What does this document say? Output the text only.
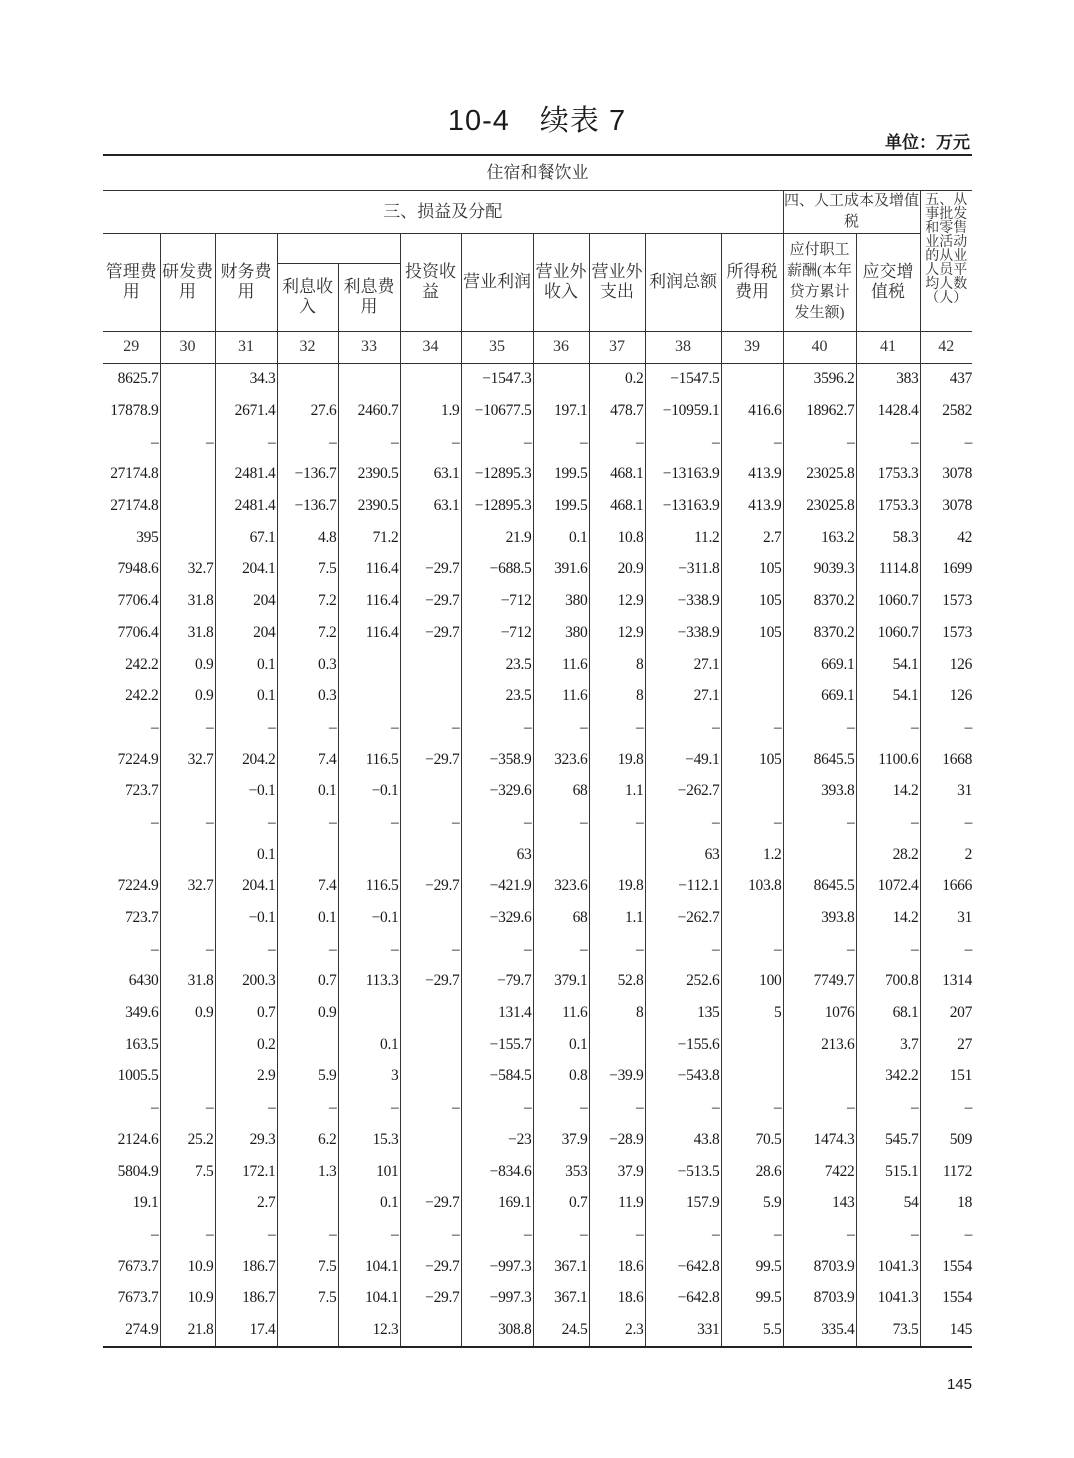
10-4　续表 7
单位：万元
住宿和餐饮业													
三、损益及分配											四、人工成本及增值税		五、从事批发和零售业活动的从业人员平均人数（人）
管理费用	研发费用	财务费用			投资收益	营业利润	营业外收入	营业外支出	利润总额	所得税费用	应付职工薪酬(本年贷方累计发生额)	应交增值税	
			利息收入	利息费用									
29	30	31	32	33	34	35	36	37	38	39	40	41	42
8625.7		34.3				−1547.3		0.2	−1547.5		3596.2	383	437
17878.9		2671.4	27.6	2460.7	1.9	−10677.5	197.1	478.7	−10959.1	416.6	18962.7	1428.4	2582
–	–	–	–	–	–	–	–	–	–	–	–	–	–
27174.8		2481.4	−136.7	2390.5	63.1	−12895.3	199.5	468.1	−13163.9	413.9	23025.8	1753.3	3078
27174.8		2481.4	−136.7	2390.5	63.1	−12895.3	199.5	468.1	−13163.9	413.9	23025.8	1753.3	3078
395		67.1	4.8	71.2		21.9	0.1	10.8	11.2	2.7	163.2	58.3	42
7948.6	32.7	204.1	7.5	116.4	−29.7	−688.5	391.6	20.9	−311.8	105	9039.3	1114.8	1699
7706.4	31.8	204	7.2	116.4	−29.7	−712	380	12.9	−338.9	105	8370.2	1060.7	1573
7706.4	31.8	204	7.2	116.4	−29.7	−712	380	12.9	−338.9	105	8370.2	1060.7	1573
242.2	0.9	0.1	0.3			23.5	11.6	8	27.1		669.1	54.1	126
242.2	0.9	0.1	0.3			23.5	11.6	8	27.1		669.1	54.1	126
–	–	–	–	–	–	–	–	–	–	–	–	–	–
7224.9	32.7	204.2	7.4	116.5	−29.7	−358.9	323.6	19.8	−49.1	105	8645.5	1100.6	1668
723.7		−0.1	0.1	−0.1		−329.6	68	1.1	−262.7		393.8	14.2	31
–	–	–	–	–	–	–	–	–	–	–	–	–	–
		0.1				63			63	1.2		28.2	2
7224.9	32.7	204.1	7.4	116.5	−29.7	−421.9	323.6	19.8	−112.1	103.8	8645.5	1072.4	1666
723.7		−0.1	0.1	−0.1		−329.6	68	1.1	−262.7		393.8	14.2	31
–	–	–	–	–	–	–	–	–	–	–	–	–	–
6430	31.8	200.3	0.7	113.3	−29.7	−79.7	379.1	52.8	252.6	100	7749.7	700.8	1314
349.6	0.9	0.7	0.9			131.4	11.6	8	135	5	1076	68.1	207
163.5		0.2		0.1		−155.7	0.1		−155.6		213.6	3.7	27
1005.5		2.9	5.9	3		−584.5	0.8	−39.9	−543.8			342.2	151
–	–	–	–	–	–	–	–	–	–	–	–	–	–
2124.6	25.2	29.3	6.2	15.3		−23	37.9	−28.9	43.8	70.5	1474.3	545.7	509
5804.9	7.5	172.1	1.3	101		−834.6	353	37.9	−513.5	28.6	7422	515.1	1172
19.1		2.7		0.1	−29.7	169.1	0.7	11.9	157.9	5.9	143	54	18
–	–	–	–	–	–	–	–	–	–	–	–	–	–
7673.7	10.9	186.7	7.5	104.1	−29.7	−997.3	367.1	18.6	−642.8	99.5	8703.9	1041.3	1554
7673.7	10.9	186.7	7.5	104.1	−29.7	−997.3	367.1	18.6	−642.8	99.5	8703.9	1041.3	1554
274.9	21.8	17.4		12.3		308.8	24.5	2.3	331	5.5	335.4	73.5	145
145
